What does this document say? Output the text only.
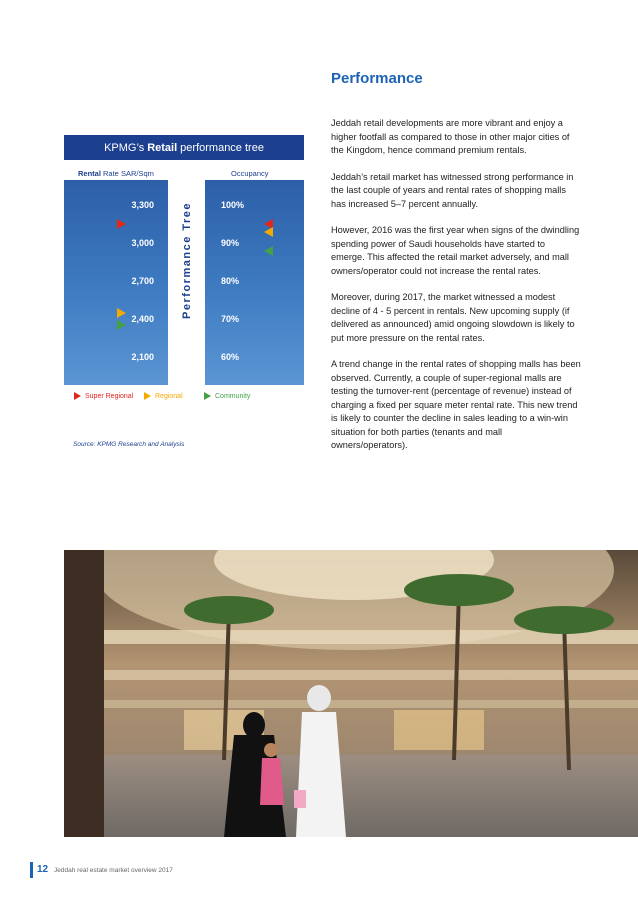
KPMG’s Retail performance tree
Rental Rate SAR/Sqm	Occupancy
Performance Tree
3,300
3,000
2,700
2,400
2,100
100%
90%
80%
70%
60%
Super Regional	Regional	Community
Source: KPMG Research and Analysis
Performance

Jeddah retail developments are more vibrant and enjoy a higher footfall as compared to those in other major cities of the Kingdom, hence command premium rentals.

Jeddah’s retail market has witnessed strong performance in the last couple of years and rental rates of shopping malls has increased 5–7 percent annually.

However, 2016 was the first year when signs of the dwindling spending power of Saudi households have started to emerge. This affected the retail market adversely, and mall owners/operator could not increase the rental rates.

Moreover, during 2017, the market witnessed a modest decline of 4 - 5 percent in rentals. New upcoming supply (if delivered as announced) amid ongoing slowdown is likely to put more pressure on the rental rates.

A trend change in the rental rates of shopping malls has been observed. Currently, a couple of super-regional malls are testing the turnover-rent (percentage of revenue) instead of charging a fixed per square meter rental rate. This new trend is likely to counter the decline in sales leading to a win-win situation for both parties (tenants and mall owners/operators).

12 Jeddah real estate market overview 2017
